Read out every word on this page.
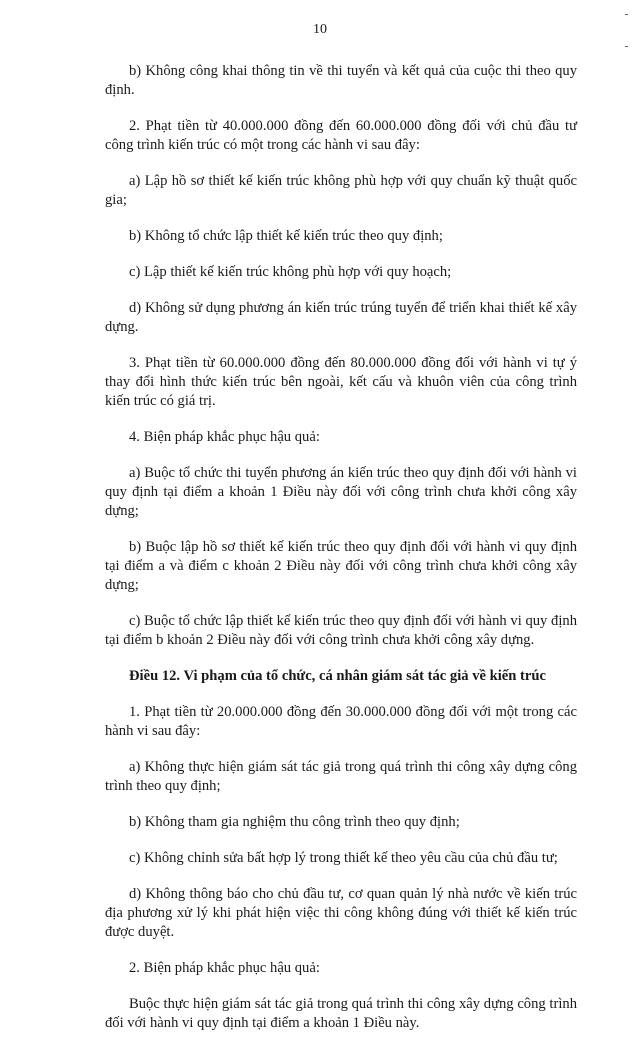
10

b) Không công khai thông tin về thi tuyển và kết quả của cuộc thi theo quy định.

2. Phạt tiền từ 40.000.000 đồng đến 60.000.000 đồng đối với chủ đầu tư công trình kiến trúc có một trong các hành vi sau đây:

a) Lập hồ sơ thiết kế kiến trúc không phù hợp với quy chuẩn kỹ thuật quốc gia;

b) Không tổ chức lập thiết kế kiến trúc theo quy định;

c) Lập thiết kế kiến trúc không phù hợp với quy hoạch;

d) Không sử dụng phương án kiến trúc trúng tuyển để triển khai thiết kế xây dựng.

3. Phạt tiền từ 60.000.000 đồng đến 80.000.000 đồng đối với hành vi tự ý thay đổi hình thức kiến trúc bên ngoài, kết cấu và khuôn viên của công trình kiến trúc có giá trị.

4. Biện pháp khắc phục hậu quả:

a) Buộc tổ chức thi tuyển phương án kiến trúc theo quy định đối với hành vi quy định tại điểm a khoản 1 Điều này đối với công trình chưa khởi công xây dựng;

b) Buộc lập hồ sơ thiết kế kiến trúc theo quy định đối với hành vi quy định tại điểm a và điểm c khoản 2 Điều này đối với công trình chưa khởi công xây dựng;

c) Buộc tổ chức lập thiết kế kiến trúc theo quy định đối với hành vi quy định tại điểm b khoản 2 Điều này đối với công trình chưa khởi công xây dựng.

Điều 12. Vi phạm của tổ chức, cá nhân giám sát tác giả về kiến trúc

1. Phạt tiền từ 20.000.000 đồng đến 30.000.000 đồng đối với một trong các hành vi sau đây:

a) Không thực hiện giám sát tác giả trong quá trình thi công xây dựng công trình theo quy định;

b) Không tham gia nghiệm thu công trình theo quy định;

c) Không chỉnh sửa bất hợp lý trong thiết kế theo yêu cầu của chủ đầu tư;

d) Không thông báo cho chủ đầu tư, cơ quan quản lý nhà nước về kiến trúc địa phương xử lý khi phát hiện việc thi công không đúng với thiết kế kiến trúc được duyệt.

2. Biện pháp khắc phục hậu quả:

Buộc thực hiện giám sát tác giả trong quá trình thi công xây dựng công trình đối với hành vi quy định tại điểm a khoản 1 Điều này.
